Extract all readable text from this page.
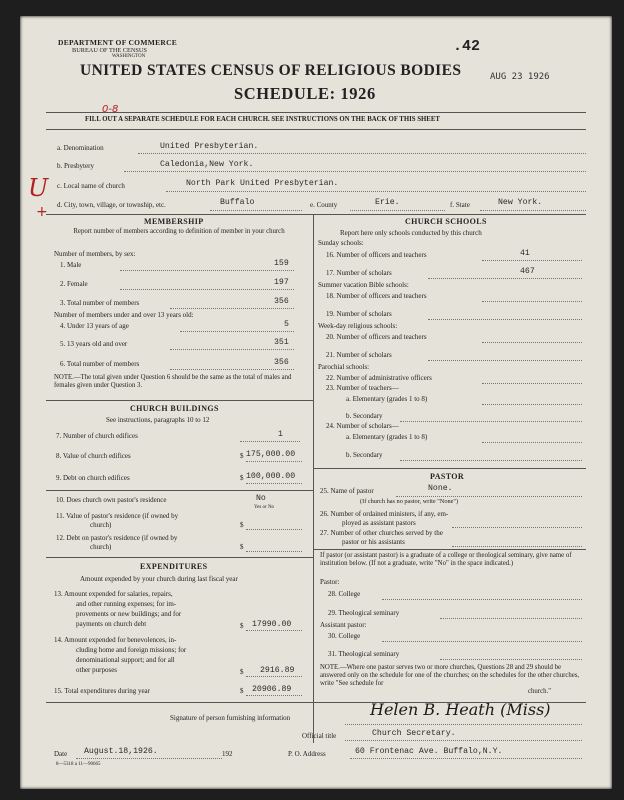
DEPARTMENT OF COMMERCE
BUREAU OF THE CENSUS
WASHINGTON
.42
AUG 23 1926
UNITED STATES CENSUS OF RELIGIOUS BODIES
SCHEDULE: 1926
0-8
FILL OUT A SEPARATE SCHEDULE FOR EACH CHURCH. SEE INSTRUCTIONS ON THE BACK OF THIS SHEET
a. Denomination	United Presbyterian.
b. Presbytery	Caledonia,New York.
U
+
c. Local name of church	North Park United Presbyterian.
d. City, town, village, or township, etc.	Buffalo	e. County	Erie.	f. State	New York.
MEMBERSHIP
Report number of members according to definition of member in your church
Number of members, by sex:
1. Male	159
2. Female	197
3. Total number of members	356
Number of members under and over 13 years old:
4. Under 13 years of age	5
5. 13 years old and over	351
6. Total number of members	356
NOTE.—The total given under Question 6 should be the same as the total of males and females given under Question 3.
CHURCH BUILDINGS
See instructions, paragraphs 10 to 12
7. Number of church edifices	1
8. Value of church edifices	$ 175,000.00
9. Debt on church edifices	$ 100,000.00
10. Does church own pastor's residence	No
Yes or No
11. Value of pastor's residence (if owned by
church)	$
12. Debt on pastor's residence (if owned by
church)	$
EXPENDITURES
Amount expended by your church during last fiscal year
13. Amount expended for salaries, repairs,
and other running expenses; for im-
provements or new buildings; and for
payments on church debt	$ 17990.00
14. Amount expended for benevolences, in-
cluding home and foreign missions; for
denominational support; and for all
other purposes	$ 2916.89
15. Total expenditures during year	$ 20906.89
CHURCH SCHOOLS
Report here only schools conducted by this church
Sunday schools:
16. Number of officers and teachers	41
17. Number of scholars	467
Summer vacation Bible schools:
18. Number of officers and teachers
19. Number of scholars
Week-day religious schools:
20. Number of officers and teachers
21. Number of scholars
Parochial schools:
22. Number of administrative officers
23. Number of teachers—
a. Elementary (grades 1 to 8)
b. Secondary
24. Number of scholars—
a. Elementary (grades 1 to 8)
b. Secondary
PASTOR
25. Name of pastor	None.
(If church has no pastor, write "None")
26. Number of ordained ministers, if any, em-
ployed as assistant pastors
27. Number of other churches served by the
pastor or his assistants
If pastor (or assistant pastor) is a graduate of a college or theological seminary, give name of institution below. (If not a graduate, write "No" in the space indicated.)
Pastor:
28. College
29. Theological seminary
Assistant pastor:
30. College
31. Theological seminary
NOTE.—Where one pastor serves two or more churches, Questions 28 and 29 should be answered only on the schedule for one of the churches; on the schedules for the other churches, write "See schedule for
church."
Signature of person furnishing information	Helen B. Heath (Miss)
Official title	Church Secretary.
Date August.18,1926.	192	P. O. Address	60 Frontenac Ave. Buffalo,N.Y.
8—5318 a 11—90665
